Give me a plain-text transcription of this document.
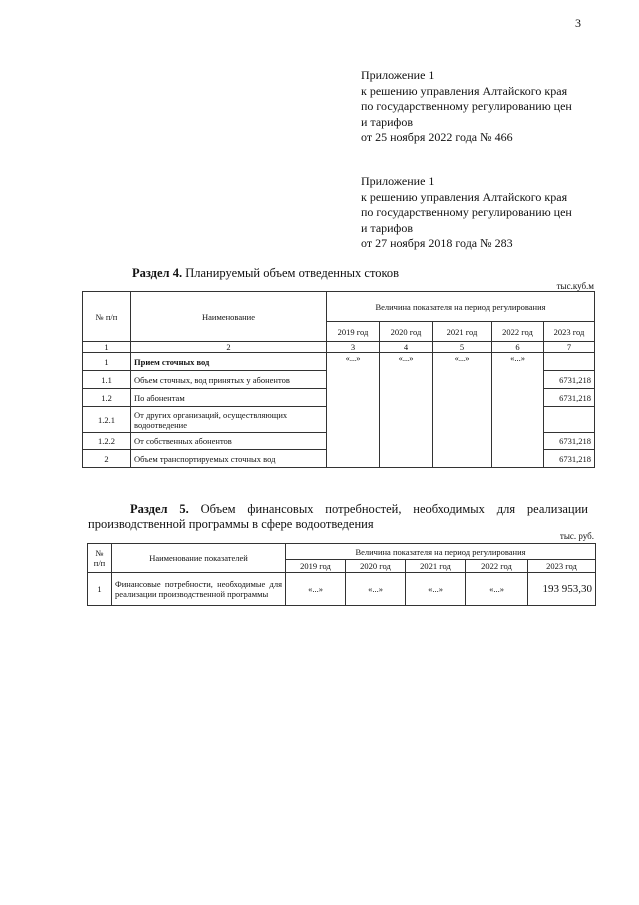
3
Приложение 1
к решению управления Алтайского края
по государственному регулированию цен
и тарифов
от 25 ноября 2022 года № 466
Приложение 1
к решению управления Алтайского края
по государственному регулированию цен
и тарифов
от 27 ноября 2018 года № 283
Раздел 4. Планируемый объем отведенных стоков
тыс.куб.м
№ п/п	Наименование	Величина показателя на период регулирования				
		2019 год	2020 год	2021 год	2022 год	2023 год
1	2	3	4	5	6	7
1	Прием сточных вод	«...»	«...»	«...»	«...»	
1.1	Объем сточных, вод принятых у абонентов					6731,218
1.2	По абонентам					6731,218
1.2.1	От других организаций, осуществляющих водоотведение					
1.2.2	От собственных абонентов					6731,218
2	Объем транспортируемых сточных вод					6731,218
Раздел 5. Объем финансовых потребностей, необходимых для реализации
производственной программы в сфере водоотведения
тыс. руб.
№ п/п	Наименование показателей	Величина показателя на период регулирования				
		2019 год	2020 год	2021 год	2022 год	2023 год
1	Финансовые потребности, необходимые для реализации производственной программы	«...»	«...»	«...»	«...»	193 953,30
